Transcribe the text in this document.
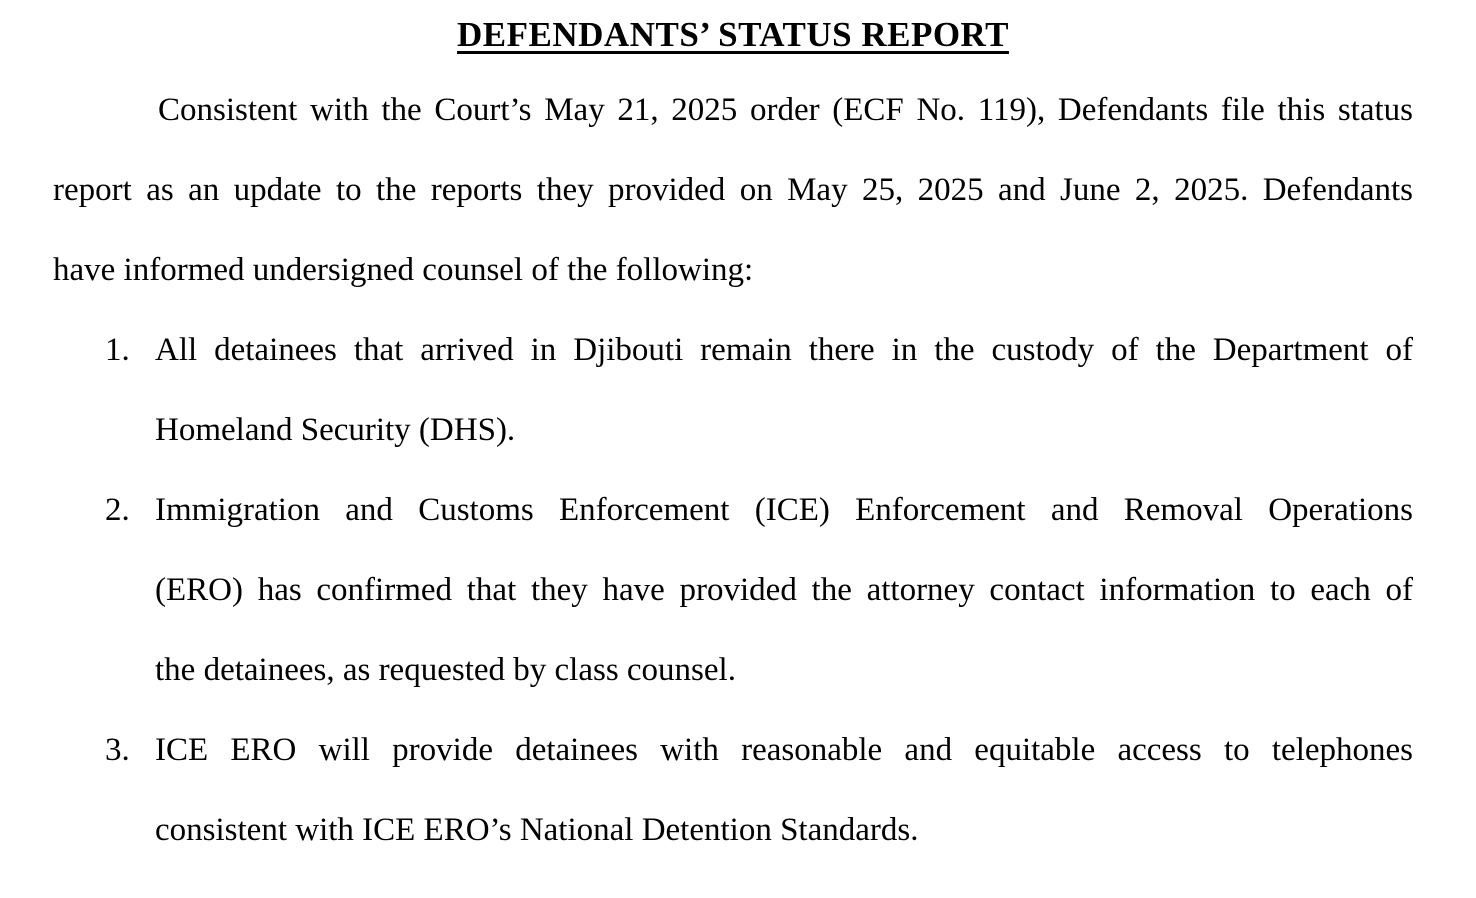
DEFENDANTS’ STATUS REPORT
Consistent with the Court’s May 21, 2025 order (ECF No. 119), Defendants file this status
report as an update to the reports they provided on May 25, 2025 and June 2, 2025. Defendants
have informed undersigned counsel of the following:
1. All detainees that arrived in Djibouti remain there in the custody of the Department of
Homeland Security (DHS).
2. Immigration and Customs Enforcement (ICE) Enforcement and Removal Operations
(ERO) has confirmed that they have provided the attorney contact information to each of
the detainees, as requested by class counsel.
3. ICE ERO will provide detainees with reasonable and equitable access to telephones
consistent with ICE ERO’s National Detention Standards.
